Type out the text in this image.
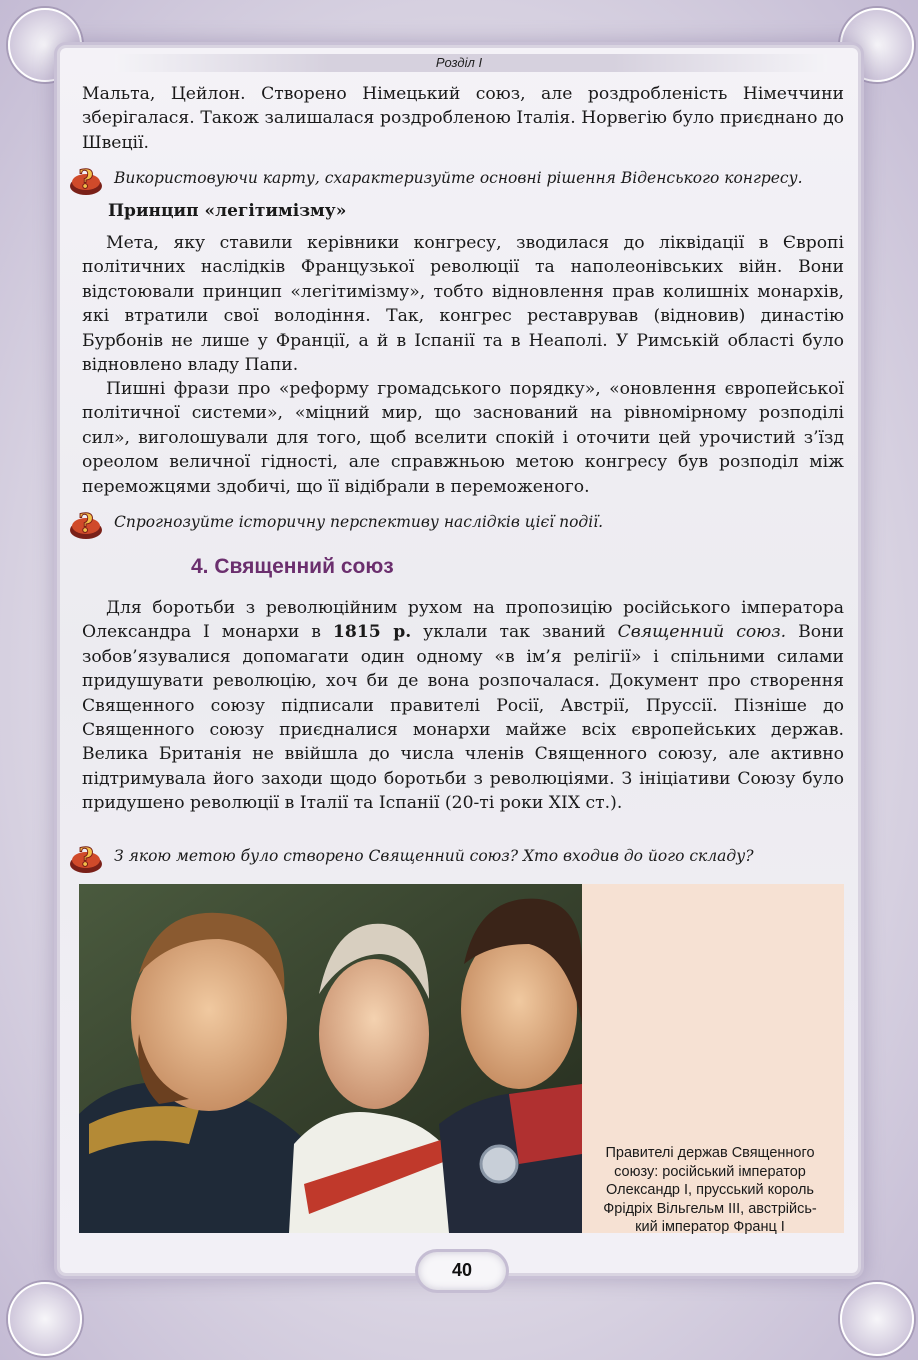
Розділ I
Мальта, Цейлон. Створено Німецький союз, але роздробленість Німеччини зберігалася. Також залишалася роздробленою Італія. Норвегію було приєднано до Швеції.
? Використовуючи карту, схарактеризуйте основні рішення Віденського конгресу.
Принцип «легітимізму»
Мета, яку ставили керівники конгресу, зводилася до ліквідації в Європі політичних наслідків Французької революції та наполеонівських війн. Вони відстоювали принцип «легітимізму», тобто відновлення прав колишніх монархів, які втратили свої володіння. Так, конгрес реставрував (відновив) династію Бурбонів не лише у Франції, а й в Іспанії та в Неаполі. У Римській області було відновлено владу Папи.
Пишні фрази про «реформу громадського порядку», «оновлення європейської політичної системи», «міцний мир, що заснований на рівномірному розподілі сил», виголошували для того, щоб вселити спокій і оточити цей урочистий з’їзд ореолом величної гідності, але справжньою метою конгресу був розподіл між переможцями здобичі, що її відібрали в переможеного.
? Спрогнозуйте історичну перспективу наслідків цієї події.
4. Священний союз
Для боротьби з революційним рухом на пропозицію російського імператора Олександра I монархи в 1815 р. уклали так званий Священний союз. Вони зобов’язувалися допомагати один одному «в ім’я релігії» і спільними силами придушувати революцію, хоч би де вона розпочалася. Документ про створення Священного союзу підписали правителі Росії, Австрії, Пруссії. Пізніше до Священного союзу приєдналися монархи майже всіх європейських держав. Велика Британія не ввійшла до числа членів Священного союзу, але активно підтримувала його заходи щодо боротьби з революціями. З ініціативи Союзу було придушено революції в Італії та Іспанії (20-ті роки XIX ст.).
? З якою метою було створено Священний союз? Хто входив до його складу?
Правителі держав Священного
союзу: російський імператор
Олександр I, прусський король
Фрідріх Вільгельм III, австрійсь-
кий імператор Франц I
40
